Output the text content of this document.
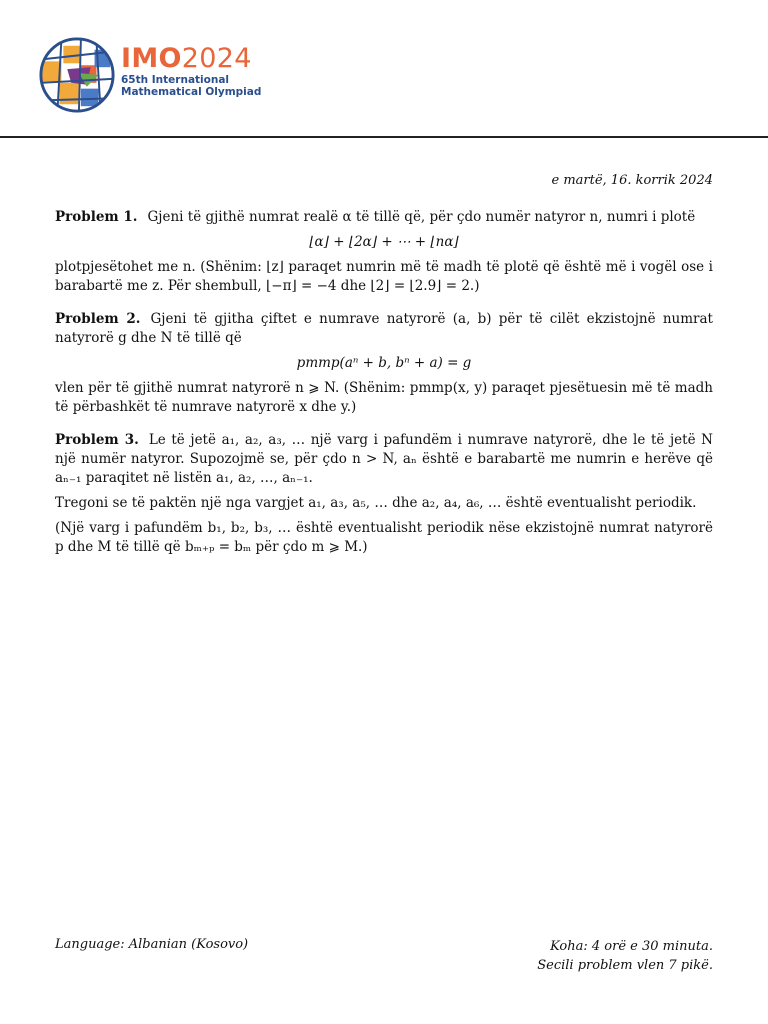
IMO2024
65th International
Mathematical Olympiad
e martë, 16. korrik 2024

Problem 1. Gjeni të gjithë numrat realë α të tillë që, për çdo numër natyror n, numri i plotë

⌊α⌋ + ⌊2α⌋ + ⋯ + ⌊nα⌋

plotpjesëtohet me n. (Shënim: ⌊z⌋ paraqet numrin më të madh të plotë që është më i vogël ose i barabartë me z. Për shembull, ⌊−π⌋ = −4 dhe ⌊2⌋ = ⌊2.9⌋ = 2.)

Problem 2. Gjeni të gjitha çiftet e numrave natyrorë (a, b) për të cilët ekzistojnë numrat natyrorë g dhe N të tillë që

pmmp(aⁿ + b, bⁿ + a) = g

vlen për të gjithë numrat natyrorë n ⩾ N. (Shënim: pmmp(x, y) paraqet pjesëtuesin më të madh të përbashkët të numrave natyrorë x dhe y.)

Problem 3. Le të jetë a₁, a₂, a₃, … një varg i pafundëm i numrave natyrorë, dhe le të jetë N një numër natyror. Supozojmë se, për çdo n > N, aₙ është e barabartë me numrin e herëve që aₙ₋₁ paraqitet në listën a₁, a₂, …, aₙ₋₁.

Tregoni se të paktën një nga vargjet a₁, a₃, a₅, … dhe a₂, a₄, a₆, … është eventualisht periodik.

(Një varg i pafundëm b₁, b₂, b₃, … është eventualisht periodik nëse ekzistojnë numrat natyrorë p dhe M të tillë që bₘ₊ₚ = bₘ për çdo m ⩾ M.)

Language: Albanian (Kosovo)	Koha: 4 orë e 30 minuta.
Secili problem vlen 7 pikë.
